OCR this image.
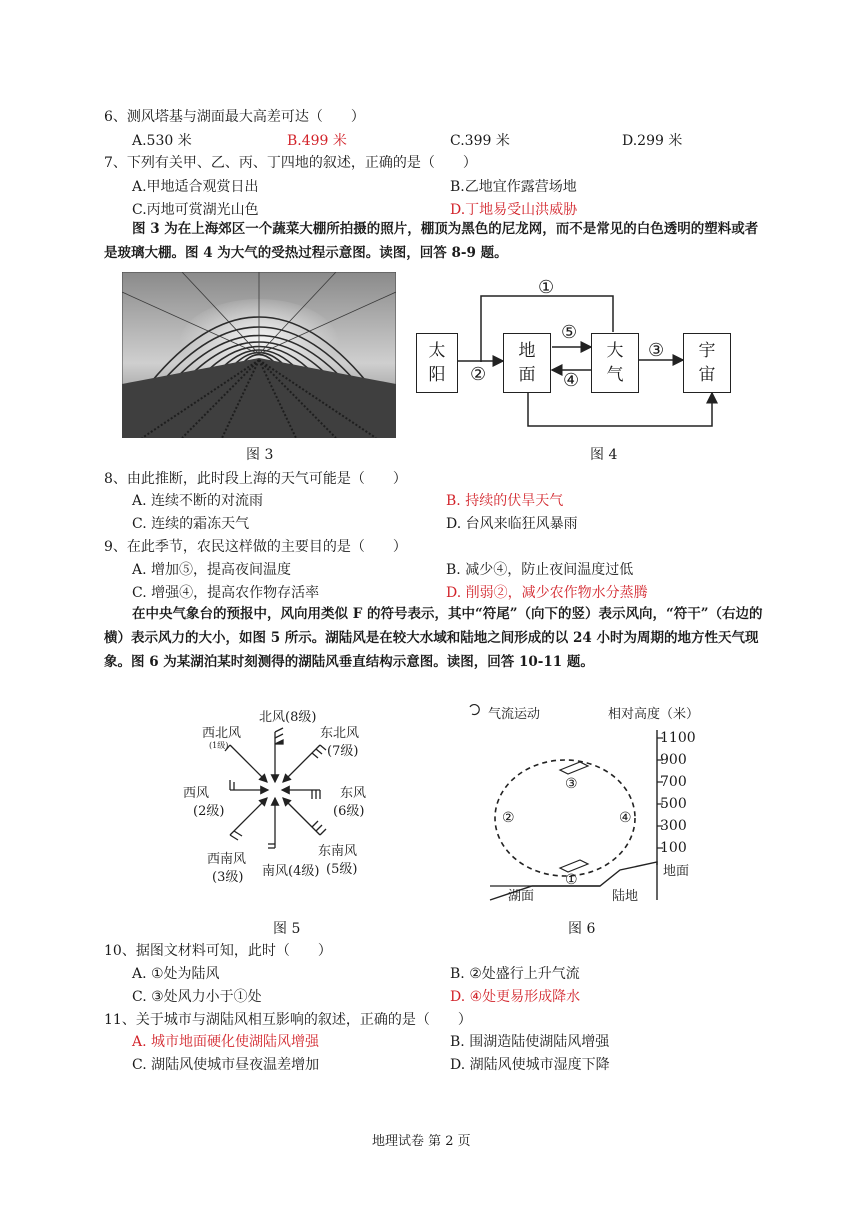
6、测风塔基与湖面最大高差可达（　　）
A.530 米	B.499 米	C.399 米	D.299 米
7、下列有关甲、乙、丙、丁四地的叙述，正确的是（　　）
A.甲地适合观赏日出	B.乙地宜作露营场地
C.丙地可赏湖光山色	D.丁地易受山洪威胁
图 3 为在上海郊区一个蔬菜大棚所拍摄的照片，棚顶为黑色的尼龙网，而不是常见的白色透明的塑料或者是玻璃大棚。图 4 为大气的受热过程示意图。读图，回答 8-9 题。
图 3
太阳
地面
大气
宇宙
①
②
③
④
⑤
图 4
8、由此推断，此时段上海的天气可能是（　　）
A. 连续不断的对流雨	B. 持续的伏旱天气
C. 连续的霜冻天气	D. 台风来临狂风暴雨
9、在此季节，农民这样做的主要目的是（　　）
A. 增加⑤，提高夜间温度	B. 减少④，防止夜间温度过低
C. 增强④，提高农作物存活率	D. 削弱②，减少农作物水分蒸腾
在中央气象台的预报中，风向用类似 F 的符号表示，其中“符尾”（向下的竖）表示风向，“符干”（右边的横）表示风力的大小，如图 5 所示。湖陆风是在较大水域和陆地之间形成的以 24 小时为周期的地方性天气现象。图 6 为某湖泊某时刻测得的湖陆风垂直结构示意图。读图，回答 10-11 题。
北风(8级)
西北风
(1级)
东北风
(7级)
西风
(2级)
东风
(6级)
西南风
(3级) 南风(4级)
东南风
(5级)
图 5
气流运动	相对高度（米）
1100
900
700
500
300
100
地面
湖面	陆地
①
②
③
④
图 6
10、据图文材料可知，此时（　　）
A. ①处为陆风	B. ②处盛行上升气流
C. ③处风力小于①处	D. ④处更易形成降水
11、关于城市与湖陆风相互影响的叙述，正确的是（　　）
A. 城市地面硬化使湖陆风增强	B. 围湖造陆使湖陆风增强
C. 湖陆风使城市昼夜温差增加	D. 湖陆风使城市湿度下降
地理试卷 第 2 页
